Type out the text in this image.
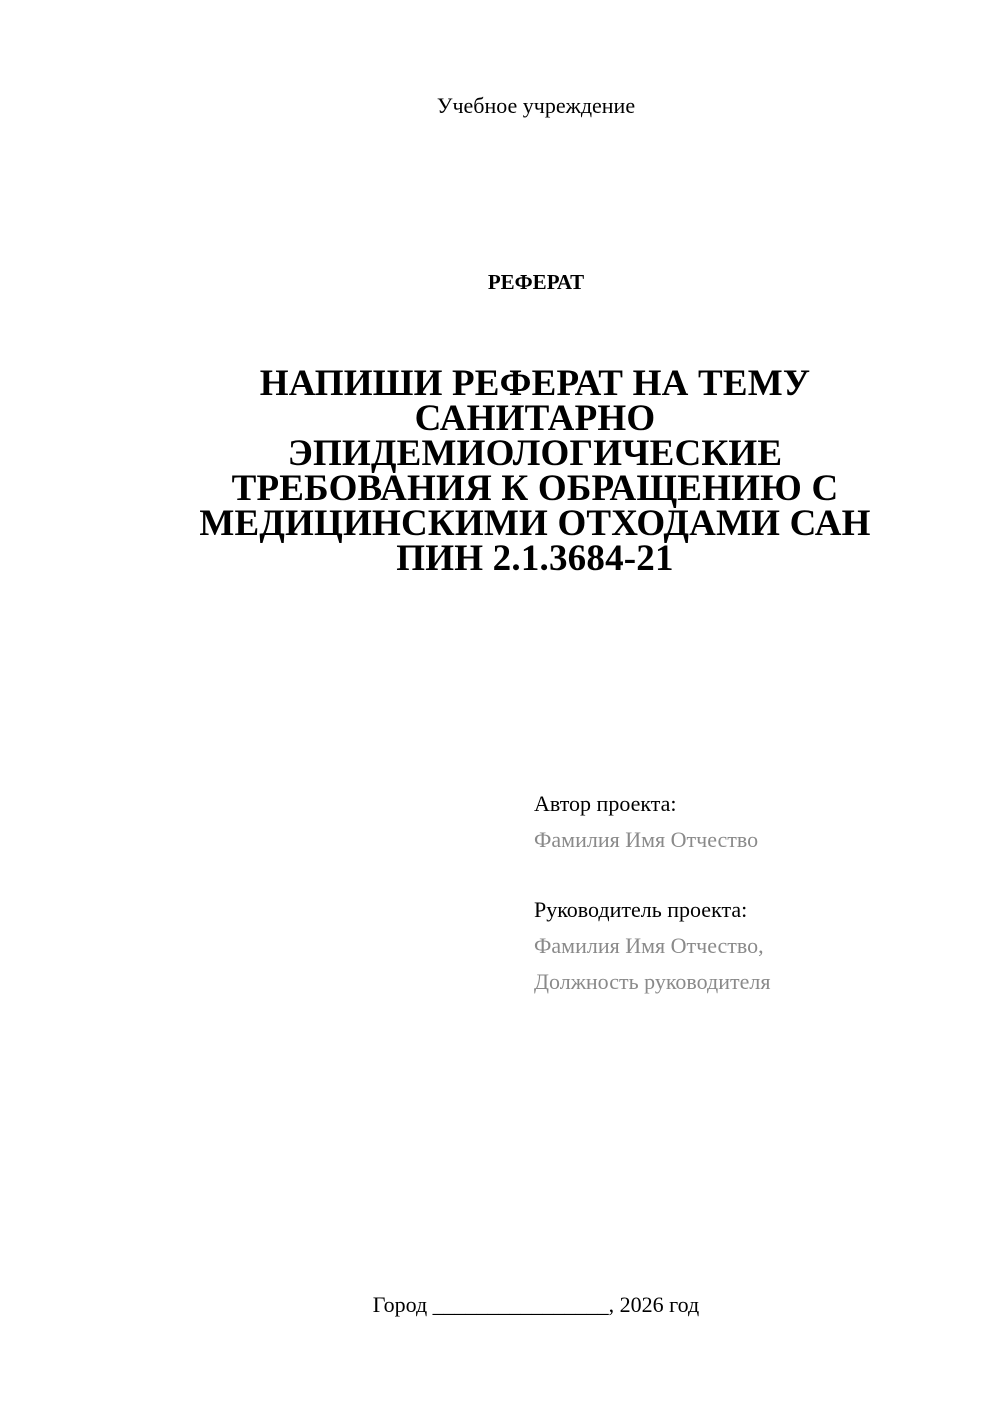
Учебное учреждение
РЕФЕРАТ
НАПИШИ РЕФЕРАТ НА ТЕМУ
САНИТАРНО
ЭПИДЕМИОЛОГИЧЕСКИЕ
ТРЕБОВАНИЯ К ОБРАЩЕНИЮ С
МЕДИЦИНСКИМИ ОТХОДАМИ САН
ПИН 2.1.3684-21
Автор проекта:
Фамилия Имя Отчество
Руководитель проекта:
Фамилия Имя Отчество,
Должность руководителя
Город ________________, 2026 год
